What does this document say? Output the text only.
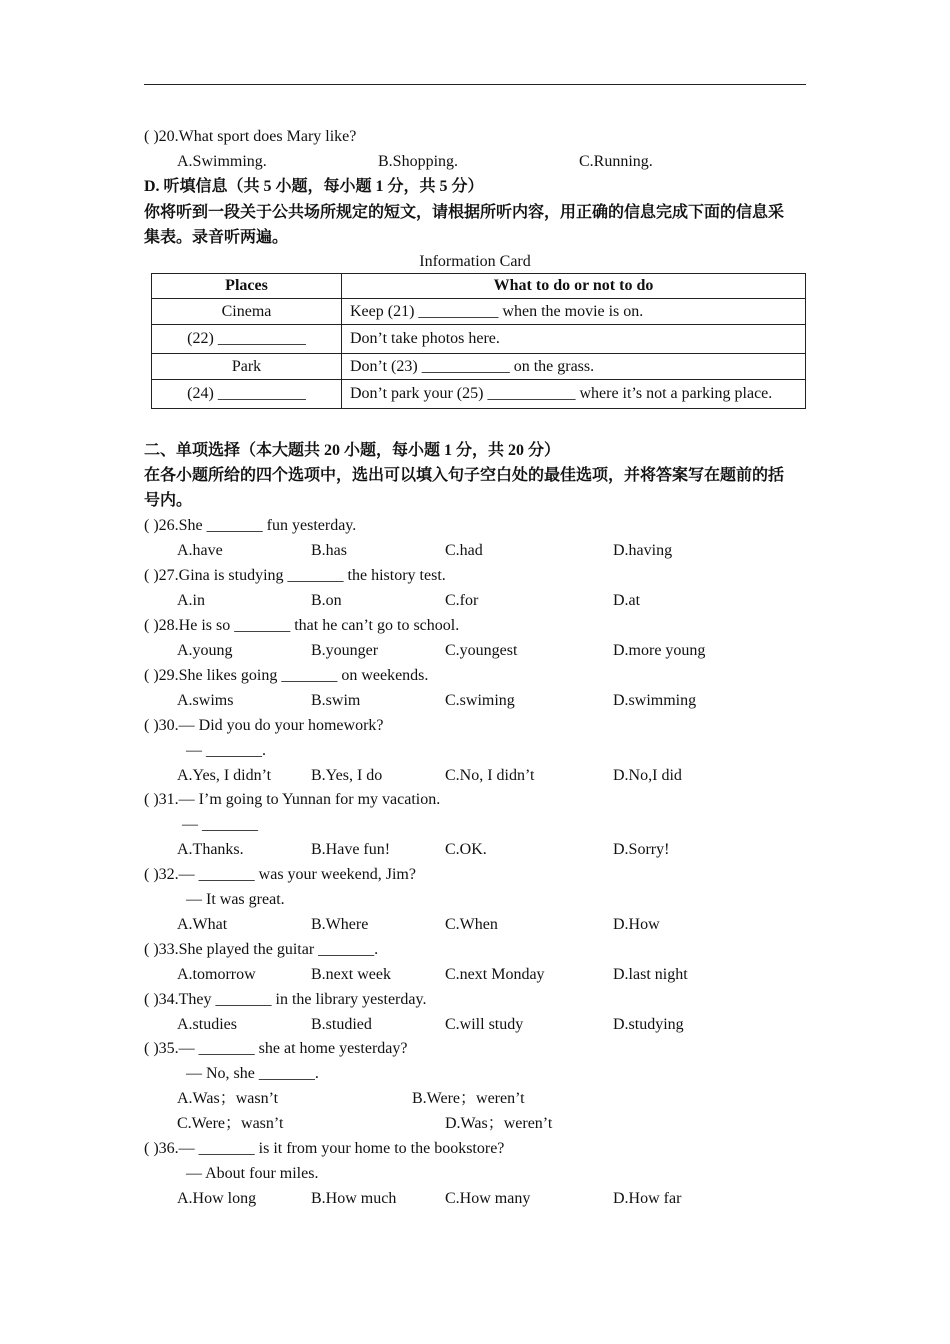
( )20.What sport does Mary like?
A.Swimming.	B.Shopping.	C.Running.
D. 听填信息（共 5 小题，每小题 1 分，共 5 分）
你将听到一段关于公共场所规定的短文，请根据所听内容，用正确的信息完成下面的信息采
集表。录音听两遍。
Information Card
Places	What to do or not to do
Cinema	Keep (21) __________ when the movie is on.
(22) ___________	Don’t take photos here.
Park	Don’t (23) ___________ on the grass.
(24) ___________	Don’t park your (25) ___________ where it’s not a parking place.
二、单项选择（本大题共 20 小题，每小题 1 分，共 20 分）
在各小题所给的四个选项中，选出可以填入句子空白处的最佳选项，并将答案写在题前的括
号内。
( )26.She _______ fun yesterday.
A.have	B.has	C.had	D.having
( )27.Gina is studying _______ the history test.
A.in	B.on	C.for	D.at
( )28.He is so _______ that he can’t go to school.
A.young	B.younger	C.youngest	D.more young
( )29.She likes going _______ on weekends.
A.swims	B.swim	C.swiming	D.swimming
( )30.— Did you do your homework?
— _______.
A.Yes, I didn’t B.Yes, I do	C.No, I didn’t	D.No,I did
( )31.— I’m going to Yunnan for my vacation.
— _______
A.Thanks.	B.Have fun!	C.OK.	D.Sorry!
( )32.— _______ was your weekend, Jim?
— It was great.
A.What	B.Where	C.When	D.How
( )33.She played the guitar _______.
A.tomorrow	B.next week	C.next Monday	D.last night
( )34.They _______ in the library yesterday.
A.studies	B.studied	C.will study	D.studying
( )35.— _______ she at home yesterday?
— No, she _______.
A.Was；wasn’t	B.Were；weren’t
C.Were；wasn’t	D.Was；weren’t
( )36.— _______ is it from your home to the bookstore?
— About four miles.
A.How long	B.How much	C.How many	D.How far
